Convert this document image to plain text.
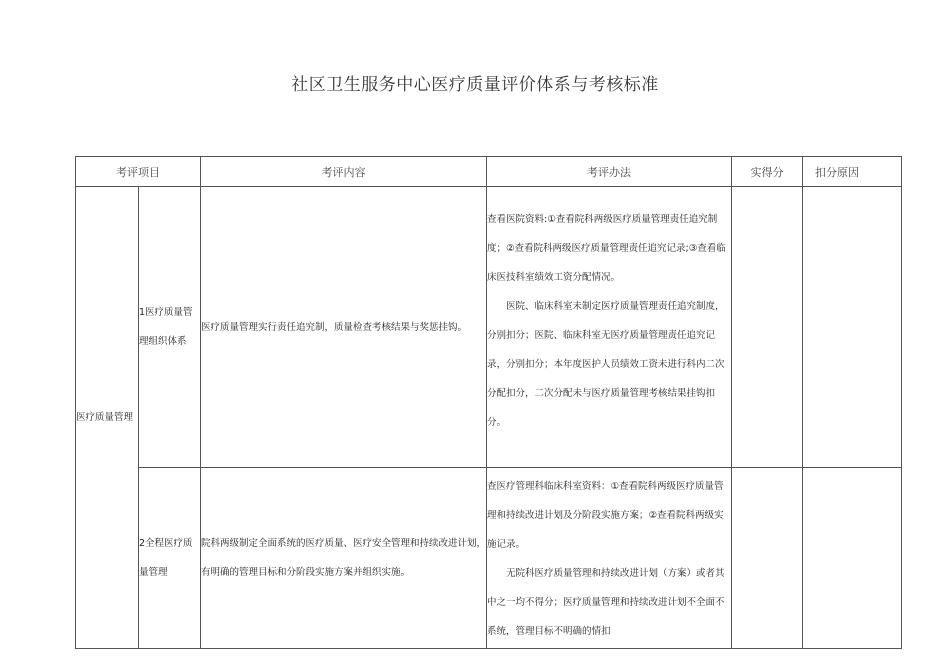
社区卫生服务中心医疗质量评价体系与考核标准
考评项目		考评内容	考评办法	实得分	扣分原因

医疗质量管理	1医疗质量管理组织体系	医疗质量管理实行责任追究制，质量检查考核结果与奖惩挂钩。	查看医院资料:①查看院科两级医疗质量管理责任追究制度；②查看院科两级医疗质量管理责任追究记录;③查看临床医技科室绩效工资分配情况。

医院、临床科室未制定医疗质量管理责任追究制度，分别扣分；医院、临床科室无医疗质量管理责任追究记录，分别扣分；本年度医护人员绩效工资未进行科内二次分配扣分，二次分配未与医疗质量管理考核结果挂钩扣分。		

	2全程医疗质量管理	院科两级制定全面系统的医疗质量、医疗安全管理和持续改进计划，有明确的管理目标和分阶段实施方案并组织实施。	查医疗管理科临床科室资料：①查看院科两级医疗质量管理和持续改进计划及分阶段实施方案；②查看院科两级实施记录。

无院科医疗质量管理和持续改进计划（方案）或者其中之一均不得分；医疗质量管理和持续改进计划不全面不系统，管理目标不明确的情扣		
